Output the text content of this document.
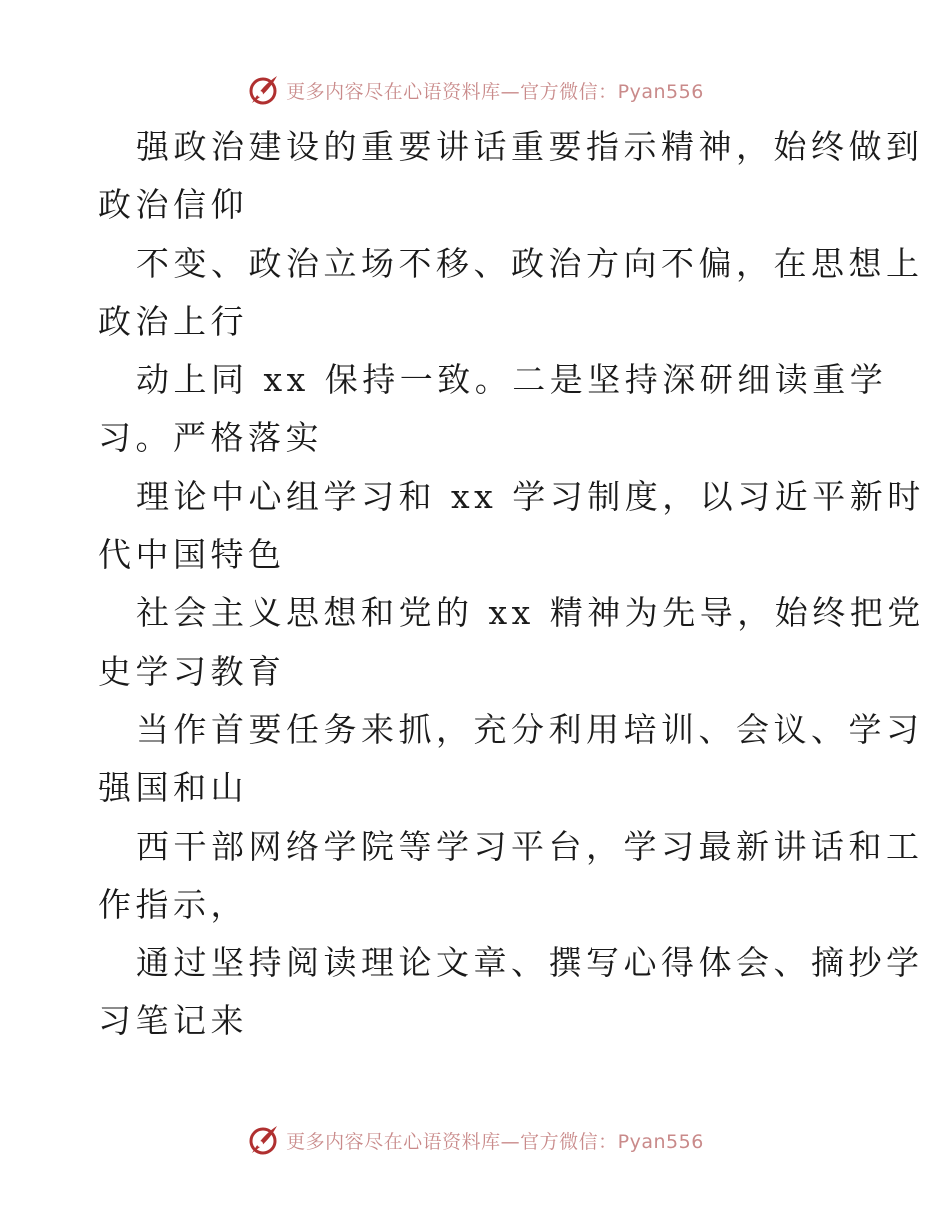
更多内容尽在心语资料库—官方微信：Pyan556
强政治建设的重要讲话重要指示精神，始终做到
政治信仰
不变、政治立场不移、政治方向不偏，在思想上
政治上行
动上同 xx 保持一致。二是坚持深研细读重学
习。严格落实
理论中心组学习和 xx 学习制度，以习近平新时
代中国特色
社会主义思想和党的 xx 精神为先导，始终把党
史学习教育
当作首要任务来抓，充分利用培训、会议、学习
强国和山
西干部网络学院等学习平台，学习最新讲话和工
作指示，
通过坚持阅读理论文章、撰写心得体会、摘抄学
习笔记来
更多内容尽在心语资料库—官方微信：Pyan556
